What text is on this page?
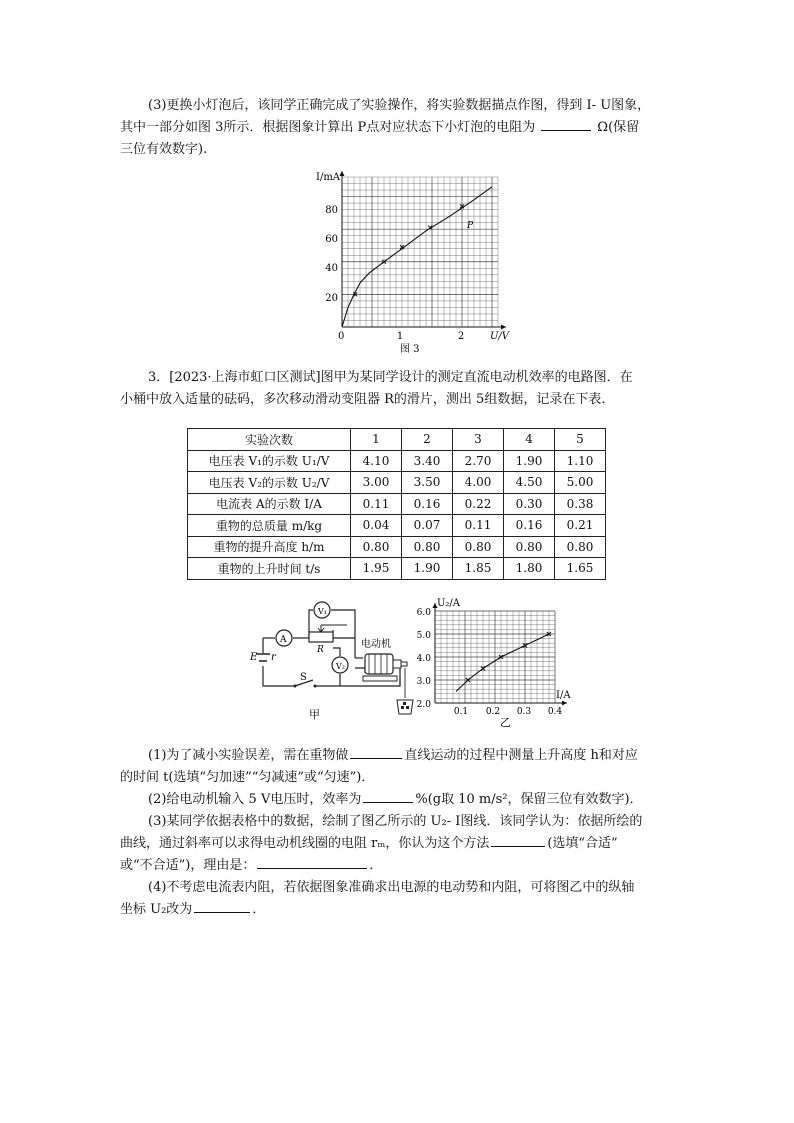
(3)更换小灯泡后，该同学正确完成了实验操作，将实验数据描点作图，得到 I- U图象，
其中一部分如图 3所示．根据图象计算出 P点对应状态下小灯泡的电阻为	Ω(保留
三位有效数字).
I/mA
U/V
0
P
图 3
1	2
20
40
60
80
3．[2023·上海市虹口区测试]图甲为某同学设计的测定直流电动机效率的电路图．在
小桶中放入适量的砝码，多次移动滑动变阻器 R的滑片，测出 5组数据，记录在下表．
实验次数	1	2	3	4	5
电压表 V₁的示数 U₁/V	4.10	3.40	2.70	1.90	1.10
电压表 V₂的示数 U₂/V	3.00	3.50	4.00	4.50	5.00
电流表 A的示数 I/A	0.11	0.16	0.22	0.30	0.38
重物的总质量 m/kg	0.04	0.07	0.11	0.16	0.21
重物的提升高度 h/m	0.80	0.80	0.80	0.80	0.80
重物的上升时间 t/s	1.95	1.90	1.85	1.80	1.65
V₁
A
V₂
R
E r
S
电动机
甲
U₂/A
I/A
乙
0.1 0.2 0.3 0.4
2.0
3.0
4.0
5.0
6.0
(1)为了减小实验误差，需在重物做	直线运动的过程中测量上升高度 h和对应
的时间 t(选填“匀加速”“匀减速”或“匀速”)．
(2)给电动机输入 5 V电压时，效率为	%(g取 10 m/s²，保留三位有效数字)．
(3)某同学依据表格中的数据，绘制了图乙所示的 U₂- I图线．该同学认为：依据所绘的
曲线，通过斜率可以求得电动机线圈的电阻 rₘ，你认为这个方法	(选填“合适”
或“不合适”)，理由是：	．
(4)不考虑电流表内阻，若依据图象准确求出电源的电动势和内阻，可将图乙中的纵轴
坐标 U₂改为	．
